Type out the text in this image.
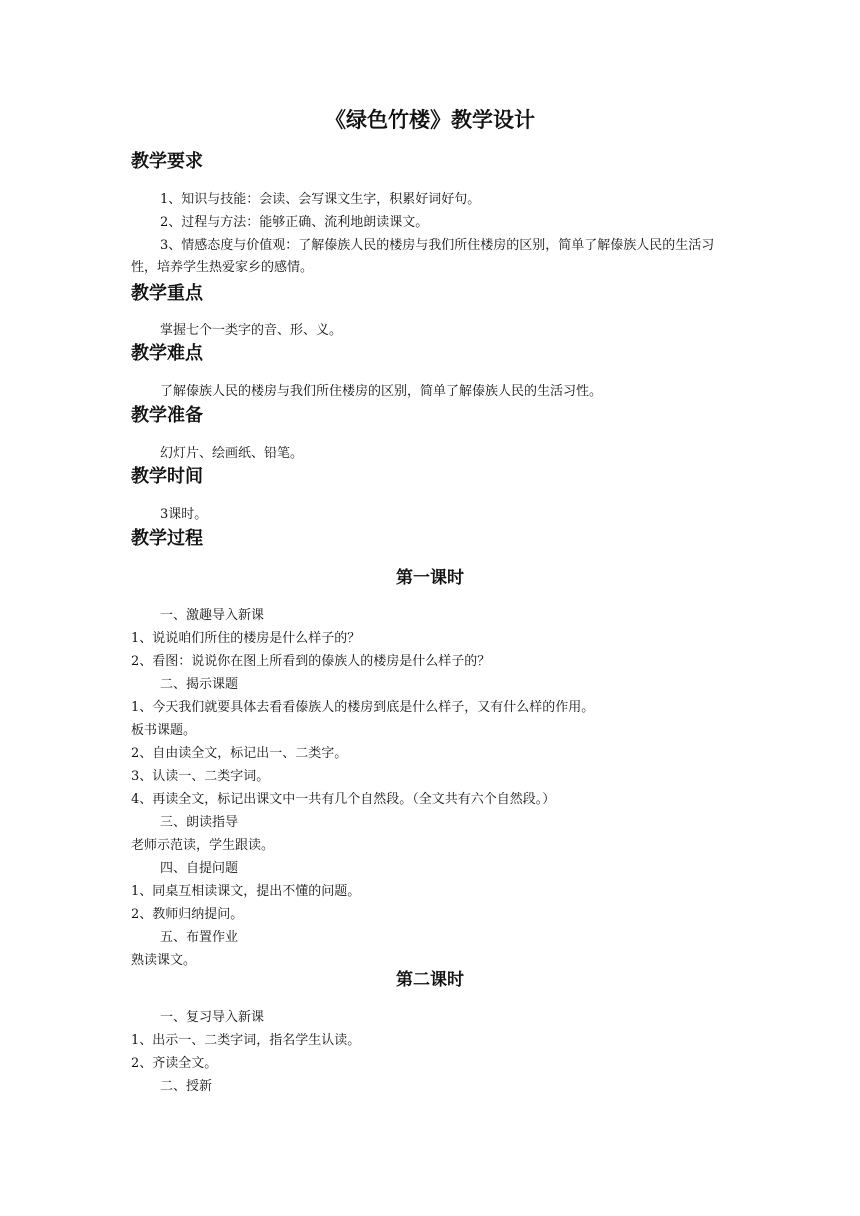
《绿色竹楼》教学设计
教学要求
1、知识与技能：会读、会写课文生字，积累好词好句。
2、过程与方法：能够正确、流利地朗读课文。
3、情感态度与价值观：了解傣族人民的楼房与我们所住楼房的区别，简单了解傣族人民的生活习性，培养学生热爱家乡的感情。
教学重点
掌握七个一类字的音、形、义。
教学难点
了解傣族人民的楼房与我们所住楼房的区别，简单了解傣族人民的生活习性。
教学准备
幻灯片、绘画纸、铅笔。
教学时间
3课时。
教学过程
第一课时
一、激趣导入新课
1、说说咱们所住的楼房是什么样子的？
2、看图：说说你在图上所看到的傣族人的楼房是什么样子的？
二、揭示课题
1、今天我们就要具体去看看傣族人的楼房到底是什么样子，又有什么样的作用。
板书课题。
2、自由读全文，标记出一、二类字。
3、认读一、二类字词。
4、再读全文，标记出课文中一共有几个自然段。（全文共有六个自然段。）
三、朗读指导
老师示范读，学生跟读。
四、自提问题
1、同桌互相读课文，提出不懂的问题。
2、教师归纳提问。
五、布置作业
熟读课文。
第二课时
一、复习导入新课
1、出示一、二类字词，指名学生认读。
2、齐读全文。
二、授新
